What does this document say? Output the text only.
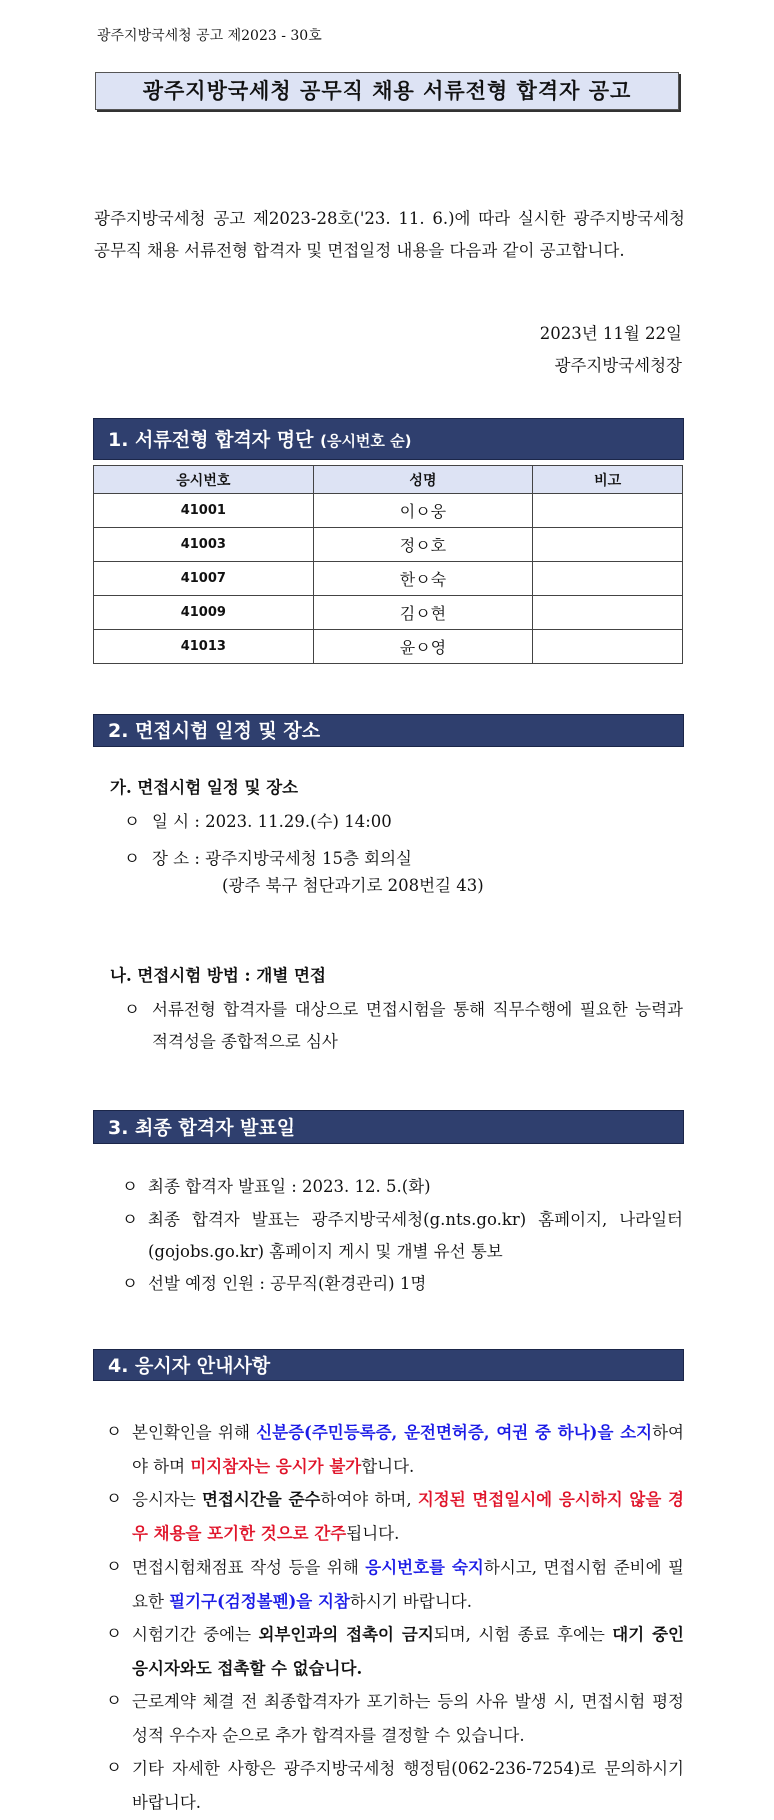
광주지방국세청 공고 제2023 - 30호
광주지방국세청 공무직 채용 서류전형 합격자 공고
광주지방국세청 공고 제2023-28호('23. 11. 6.)에 따라 실시한 광주지방국세청 공무직 채용 서류전형 합격자 및 면접일정 내용을 다음과 같이 공고합니다.
2023년 11월 22일
광주지방국세청장
1. 서류전형 합격자 명단 (응시번호 순)
응시번호	성명	비고
41001	이ㅇ웅	
41003	정ㅇ호	
41007	한ㅇ숙	
41009	김ㅇ현	
41013	윤ㅇ영	
2. 면접시험 일정 및 장소
가. 면접시험 일정 및 장소
ㅇ 일 시 : 2023. 11.29.(수) 14:00
ㅇ 장 소 : 광주지방국세청 15층 회의실
(광주 북구 첨단과기로 208번길 43)
나. 면접시험 방법 : 개별 면접
ㅇ 서류전형 합격자를 대상으로 면접시험을 통해 직무수행에 필요한 능력과 적격성을 종합적으로 심사
3. 최종 합격자 발표일
ㅇ 최종 합격자 발표일 : 2023. 12. 5.(화)
ㅇ 최종 합격자 발표는 광주지방국세청(g.nts.go.kr) 홈페이지, 나라일터(gojobs.go.kr) 홈페이지 게시 및 개별 유선 통보
ㅇ 선발 예정 인원 : 공무직(환경관리) 1명
4. 응시자 안내사항
ㅇ 본인확인을 위해 신분증(주민등록증, 운전면허증, 여권 중 하나)을 소지하여야 하며 미지참자는 응시가 불가합니다.
ㅇ 응시자는 면접시간을 준수하여야 하며, 지정된 면접일시에 응시하지 않을 경우 채용을 포기한 것으로 간주됩니다.
ㅇ 면접시험채점표 작성 등을 위해 응시번호를 숙지하시고, 면접시험 준비에 필요한 필기구(검정볼펜)을 지참하시기 바랍니다.
ㅇ 시험기간 중에는 외부인과의 접촉이 금지되며, 시험 종료 후에는 대기 중인 응시자와도 접촉할 수 없습니다.
ㅇ 근로계약 체결 전 최종합격자가 포기하는 등의 사유 발생 시, 면접시험 평정 성적 우수자 순으로 추가 합격자를 결정할 수 있습니다.
ㅇ 기타 자세한 사항은 광주지방국세청 행정팀(062-236-7254)로 문의하시기 바랍니다.
